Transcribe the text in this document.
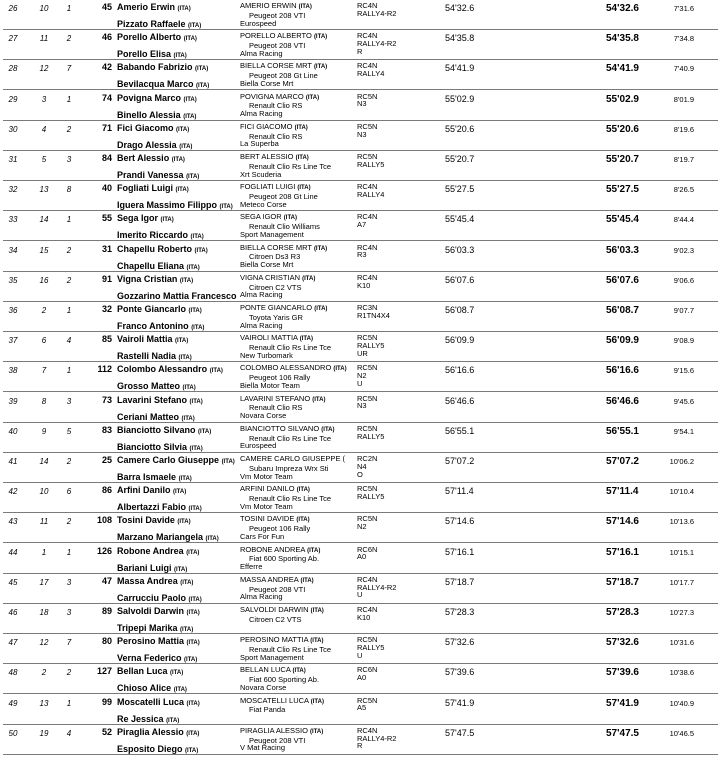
26	10	1	45 Amerio Erwin (ITA)
Pizzato Raffaele (ITA)
AMERIO ERWIN (ITA)
Peugeot 208 VTI
Eurospeed
RC4N
RALLY4-R2
54'32.6	54'32.6	7'31.6
27	11	2	46 Porello Alberto (ITA)
Porello Elisa (ITA)
PORELLO ALBERTO (ITA)
Peugeot 208 VTI
Alma Racing
RC4N
RALLY4-R2
R
54'35.8	54'35.8	7'34.8
28	12	7	42 Babando Fabrizio (ITA)
Bevilacqua Marco (ITA)
BIELLA CORSE MRT (ITA)
Peugeot 208 Gt Line
Biella Corse Mrt
RC4N
RALLY4
54'41.9	54'41.9	7'40.9
29	3	1	74 Povigna Marco (ITA)
Binello Alessia (ITA)
POVIGNA MARCO (ITA)
Renault Clio RS
Alma Racing
RC5N
N3
55'02.9	55'02.9	8'01.9
30	4	2	71 Fici Giacomo (ITA)
Drago Alessia (ITA)
FICI GIACOMO (ITA)
Renault Clio RS
La Superba
RC5N
N3
55'20.6	55'20.6	8'19.6
31	5	3	84 Bert Alessio (ITA)
Prandi Vanessa (ITA)
BERT ALESSIO (ITA)
Renault Clio Rs Line Tce
Xrt Scuderia
RC5N
RALLY5
55'20.7	55'20.7	8'19.7
32	13	8	40 Fogliati Luigi (ITA)
Iguera Massimo Filippo (ITA)
FOGLIATI LUIGI (ITA)
Peugeot 208 Gt Line
Meteco Corse
RC4N
RALLY4
55'27.5	55'27.5	8'26.5
33	14	1	55 Sega Igor (ITA)
Imerito Riccardo (ITA)
SEGA IGOR (ITA)
Renault Clio Williams
Sport Management
RC4N
A7
55'45.4	55'45.4	8'44.4
34	15	2	31 Chapellu Roberto (ITA)
Chapellu Eliana (ITA)
BIELLA CORSE MRT (ITA)
Citroen Ds3 R3
Biella Corse Mrt
RC4N
R3
56'03.3	56'03.3	9'02.3
35	16	2	91 Vigna Cristian (ITA)
Gozzarino Mattia Francesco
VIGNA CRISTIAN (ITA)
Citroen C2 VTS
Alma Racing
RC4N
K10
56'07.6	56'07.6	9'06.6
36	2	1	32 Ponte Giancarlo (ITA)
Franco Antonino (ITA)
PONTE GIANCARLO (ITA)
Toyota Yaris GR
Alma Racing
RC3N
R1TN4X4
56'08.7	56'08.7	9'07.7
37	6	4	85 Vairoli Mattia (ITA)
Rastelli Nadia (ITA)
VAIROLI MATTIA (ITA)
Renault Clio Rs Line Tce
New Turbomark
RC5N
RALLY5
UR
56'09.9	56'09.9	9'08.9
38	7	1	112 Colombo Alessandro (ITA)
Grosso Matteo (ITA)
COLOMBO ALESSANDRO (ITA)
Peugeot 106 Rally
Biella Motor Team
RC5N
N2
U
56'16.6	56'16.6	9'15.6
39	8	3	73 Lavarini Stefano (ITA)
Ceriani Matteo (ITA)
LAVARINI STEFANO (ITA)
Renault Clio RS
Novara Corse
RC5N
N3
56'46.6	56'46.6	9'45.6
40	9	5	83 Bianciotto Silvano (ITA)
Bianciotto Silvia (ITA)
BIANCIOTTO SILVANO (ITA)
Renault Clio Rs Line Tce
Eurospeed
RC5N
RALLY5
56'55.1	56'55.1	9'54.1
41	14	2	25 Camere Carlo Giuseppe (ITA)
Barra Ismaele (ITA)
CAMERE CARLO GIUSEPPE (
Subaru Impreza Wrx Sti
Vm Motor Team
RC2N
N4
O
57'07.2	57'07.2	10'06.2
42	10	6	86 Arfini Danilo (ITA)
Albertazzi Fabio (ITA)
ARFINI DANILO (ITA)
Renault Clio Rs Line Tce
Vm Motor Team
RC5N
RALLY5
57'11.4	57'11.4	10'10.4
43	11	2	108 Tosini Davide (ITA)
Marzano Mariangela (ITA)
TOSINI DAVIDE (ITA)
Peugeot 106 Rally
Cars For Fun
RC5N
N2
57'14.6	57'14.6	10'13.6
44	1	1	126 Robone Andrea (ITA)
Bariani Luigi (ITA)
ROBONE ANDREA (ITA)
Fiat 600 Sporting Ab.
Efferre
RC6N
A0
57'16.1	57'16.1	10'15.1
45	17	3	47 Massa Andrea (ITA)
Carrucciu Paolo (ITA)
MASSA ANDREA (ITA)
Peugeot 208 VTI
Alma Racing
RC4N
RALLY4-R2
U
57'18.7	57'18.7	10'17.7
46	18	3	89 Salvoldi Darwin (ITA)
Tripepi Marika (ITA)
SALVOLDI DARWIN (ITA)
Citroen C2 VTS
RC4N
K10
57'28.3	57'28.3	10'27.3
47	12	7	80 Perosino Mattia (ITA)
Verna Federico (ITA)
PEROSINO MATTIA (ITA)
Renault Clio Rs Line Tce
Sport Management
RC5N
RALLY5
U
57'32.6	57'32.6	10'31.6
48	2	2	127 Bellan Luca (ITA)
Chioso Alice (ITA)
BELLAN LUCA (ITA)
Fiat 600 Sporting Ab.
Novara Corse
RC6N
A0
57'39.6	57'39.6	10'38.6
49	13	1	99 Moscatelli Luca (ITA)
Re Jessica (ITA)
MOSCATELLI LUCA (ITA)
Fiat Panda
RC5N
A5
57'41.9	57'41.9	10'40.9
50	19	4	52 Piraglia Alessio (ITA)
Esposito Diego (ITA)
PIRAGLIA ALESSIO (ITA)
Peugeot 208 VTI
V Mat Racing
RC4N
RALLY4-R2
R
57'47.5	57'47.5	10'46.5
